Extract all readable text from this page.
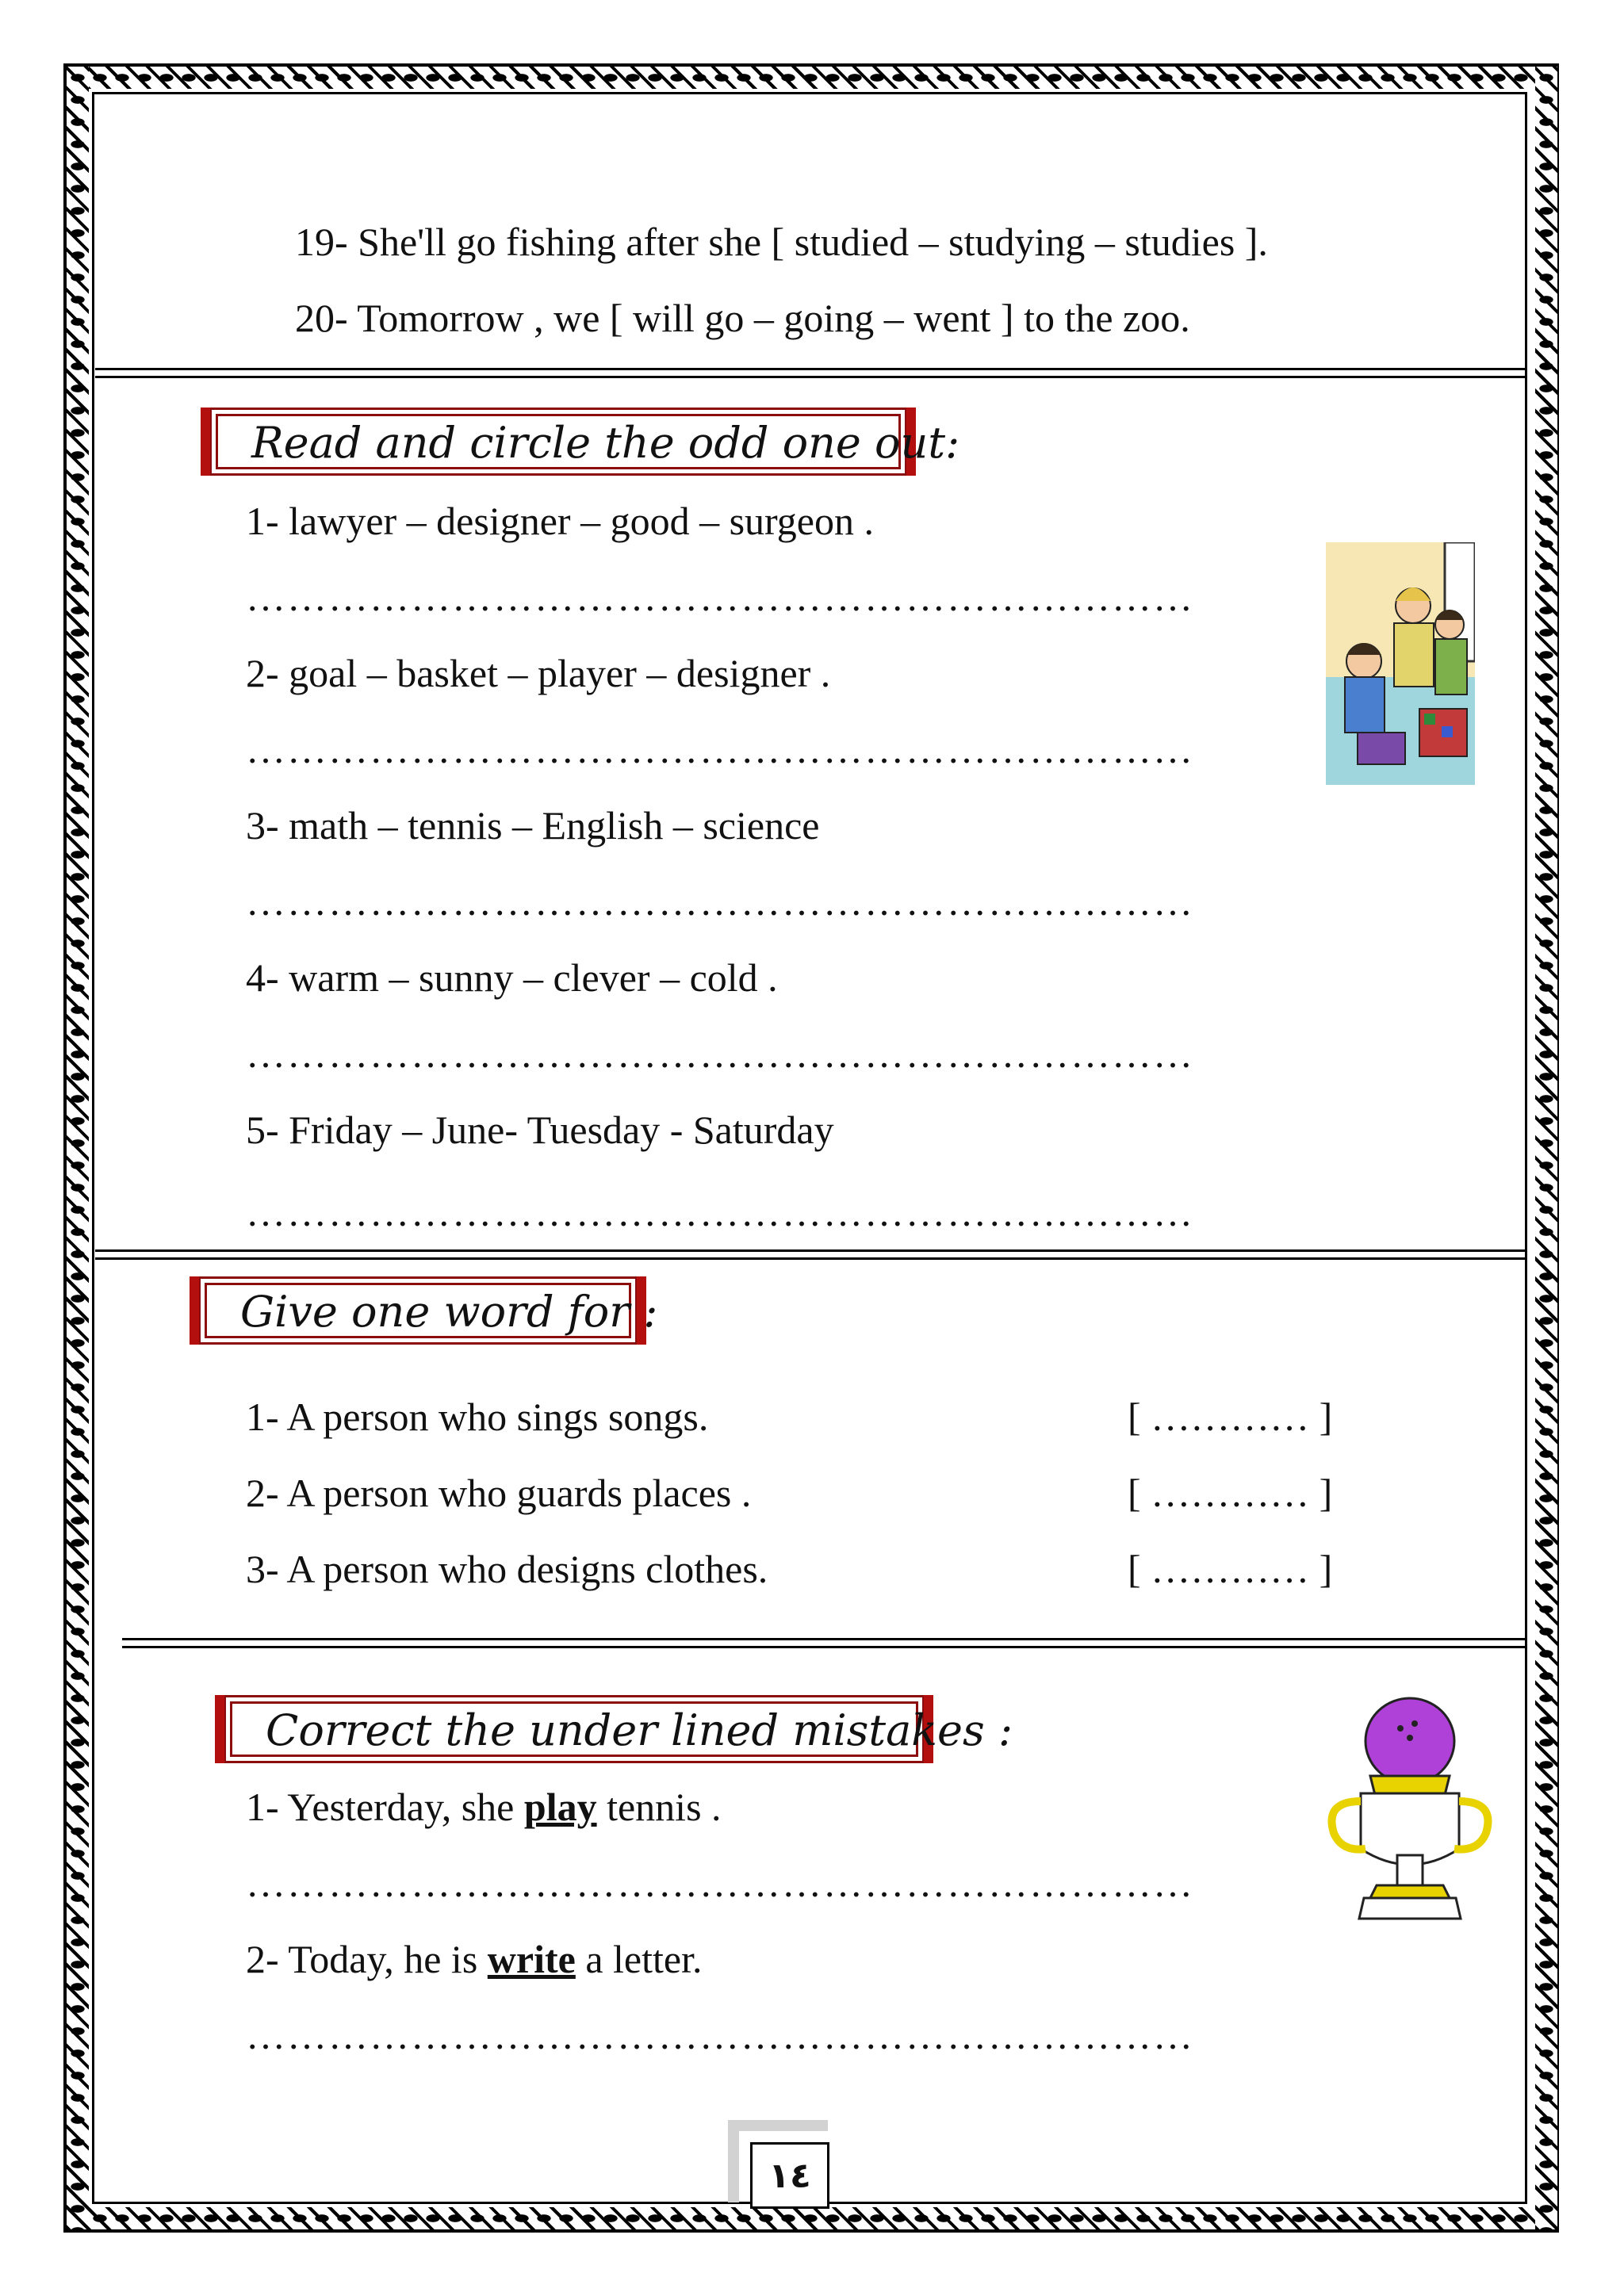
19- She'll go fishing after she [ studied – studying – studies ].
20- Tomorrow , we [ will go – going – went ] to the zoo.
Read and circle the odd one out:
1- lawyer – designer – good – surgeon .
……………………………………………………………
2- goal – basket – player – designer .
……………………………………………………………
3- math – tennis – English – science
……………………………………………………………
4- warm – sunny – clever – cold .
……………………………………………………………
5- Friday – June- Tuesday - Saturday
……………………………………………………………
Give one word for :
1- A person who sings songs.	[ ………… ]
2- A person who guards places .	[ ………… ]
3- A person who designs clothes.	[ ………… ]
Correct the under lined mistakes :
1- Yesterday, she play tennis .
……………………………………………………………
2- Today, he is write a letter.
……………………………………………………………
١٤
